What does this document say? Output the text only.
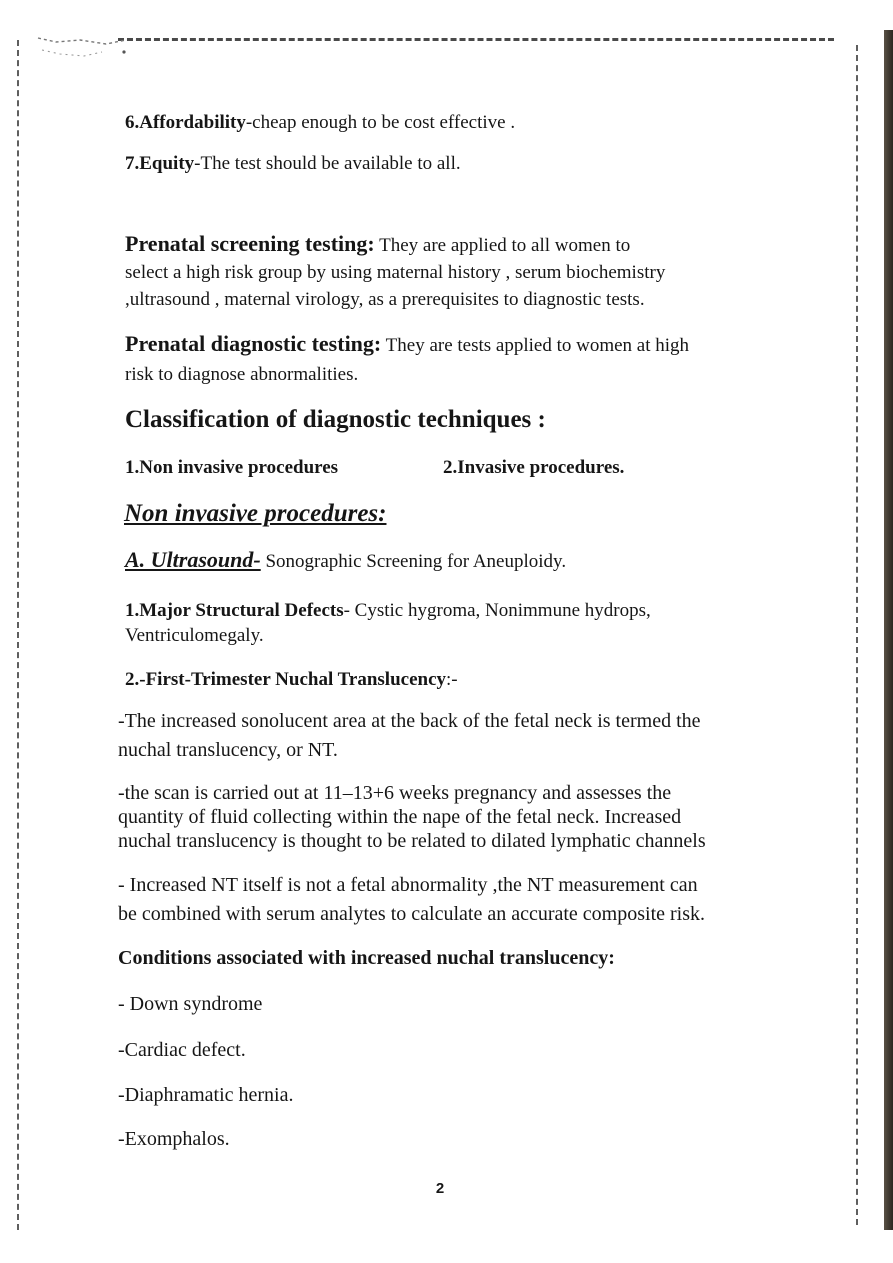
6.Affordability-cheap enough to be cost effective .
7.Equity-The test should be available to all.
Prenatal screening testing: They are applied to all women to
select a high risk group by using maternal history , serum biochemistry
,ultrasound , maternal virology, as a prerequisites to diagnostic tests.
Prenatal diagnostic testing: They are tests applied to women at high
risk to diagnose abnormalities.
Classification of diagnostic techniques :
1.Non invasive procedures	2.Invasive procedures.
Non invasive procedures:
A. Ultrasound- Sonographic Screening for Aneuploidy.
1.Major Structural Defects- Cystic hygroma, Nonimmune hydrops,
Ventriculomegaly.
2.-First-Trimester Nuchal Translucency:-
-The increased sonolucent area at the back of the fetal neck is termed the
nuchal translucency, or NT.
-the scan is carried out at 11–13+6 weeks pregnancy and assesses the
quantity of fluid collecting within the nape of the fetal neck. Increased
nuchal translucency is thought to be related to dilated lymphatic channels
- Increased NT itself is not a fetal abnormality ,the NT measurement can
be combined with serum analytes to calculate an accurate composite risk.
Conditions associated with increased nuchal translucency:
- Down syndrome
-Cardiac defect.
-Diaphramatic hernia.
-Exomphalos.
2
